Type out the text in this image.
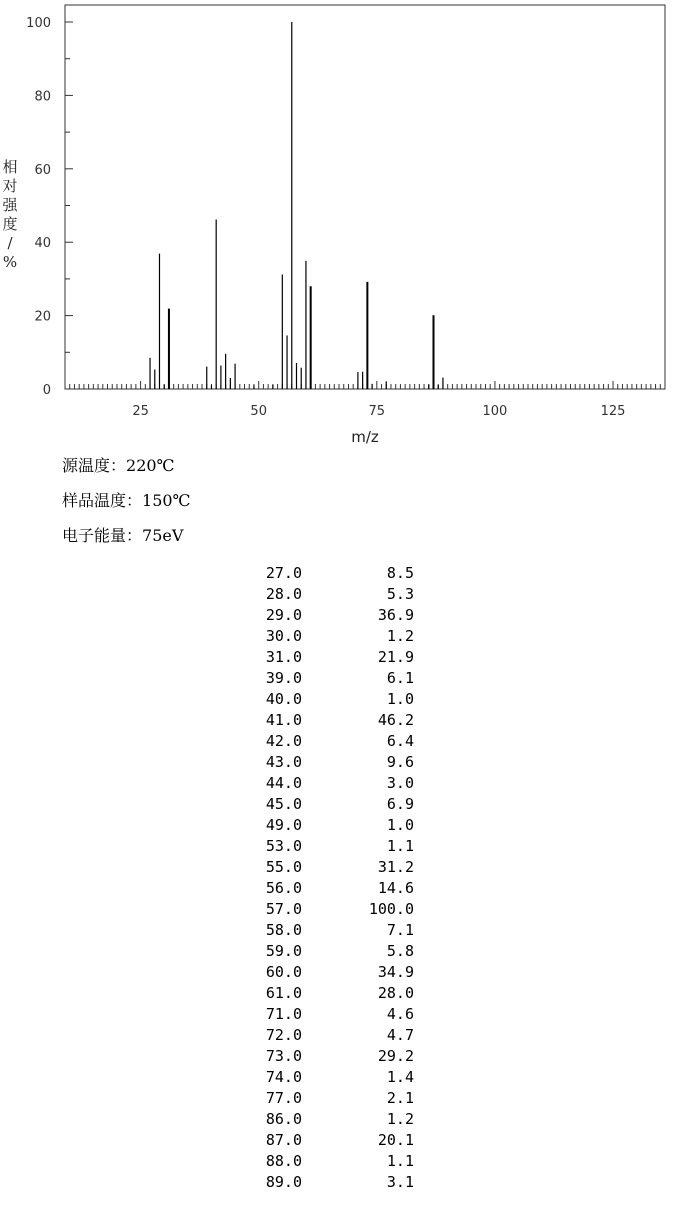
0
20
40
60
80
100
25	50	75	100	125
m/z
相
对
强
度
/
%
源温度：220℃
样品温度：150℃
电子能量：75eV
27.0	8.5
28.0	5.3
29.0	36.9
30.0	1.2
31.0	21.9
39.0	6.1
40.0	1.0
41.0	46.2
42.0	6.4
43.0	9.6
44.0	3.0
45.0	6.9
49.0	1.0
53.0	1.1
55.0	31.2
56.0	14.6
57.0	100.0
58.0	7.1
59.0	5.8
60.0	34.9
61.0	28.0
71.0	4.6
72.0	4.7
73.0	29.2
74.0	1.4
77.0	2.1
86.0	1.2
87.0	20.1
88.0	1.1
89.0	3.1
